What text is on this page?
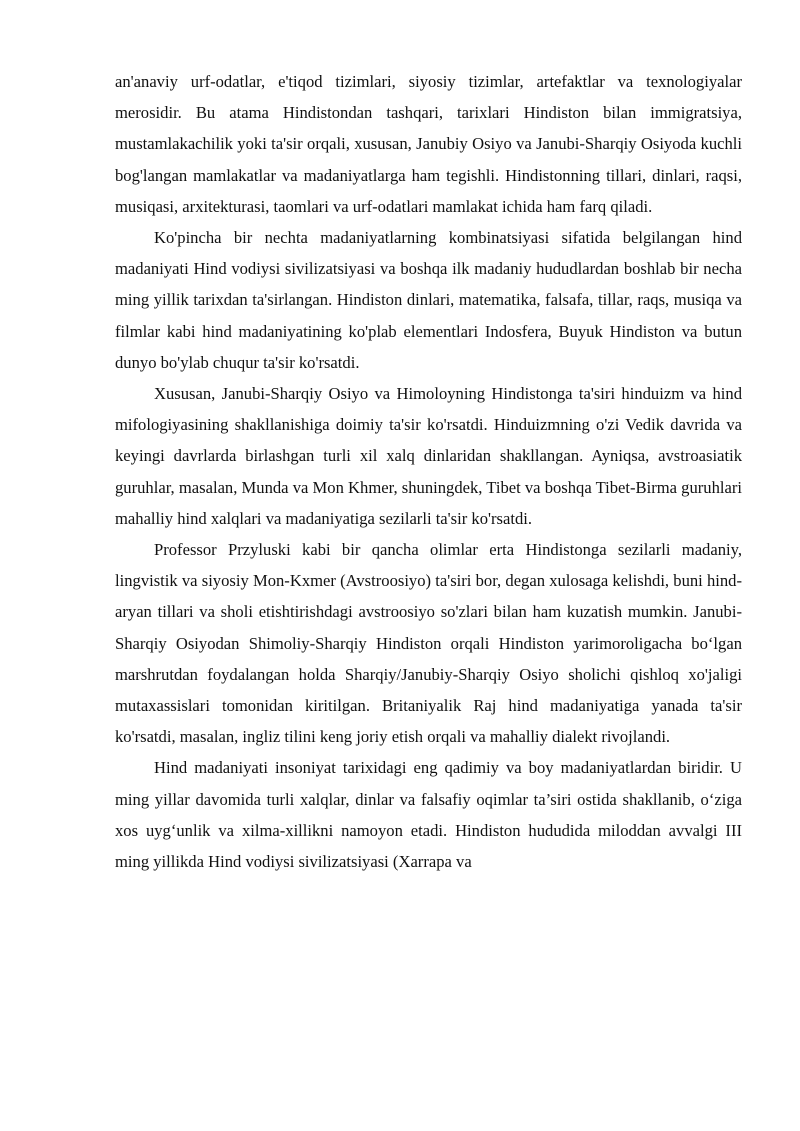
an'anaviy urf-odatlar, e'tiqod tizimlari, siyosiy tizimlar, artefaktlar va texnologiyalar merosidir. Bu atama Hindistondan tashqari, tarixlari Hindiston bilan immigratsiya, mustamlakachilik yoki ta'sir orqali, xususan, Janubiy Osiyo va Janubi-Sharqiy Osiyoda kuchli bog'langan mamlakatlar va madaniyatlarga ham tegishli. Hindistonning tillari, dinlari, raqsi, musiqasi, arxitekturasi, taomlari va urf-odatlari mamlakat ichida ham farq qiladi.

Ko'pincha bir nechta madaniyatlarning kombinatsiyasi sifatida belgilangan hind madaniyati Hind vodiysi sivilizatsiyasi va boshqa ilk madaniy hududlardan boshlab bir necha ming yillik tarixdan ta'sirlangan. Hindiston dinlari, matematika, falsafa, tillar, raqs, musiqa va filmlar kabi hind madaniyatining ko'plab elementlari Indosfera, Buyuk Hindiston va butun dunyo bo'ylab chuqur ta'sir ko'rsatdi.

Xususan, Janubi-Sharqiy Osiyo va Himoloyning Hindistonga ta'siri hinduizm va hind mifologiyasining shakllanishiga doimiy ta'sir ko'rsatdi. Hinduizmning o'zi Vedik davrida va keyingi davrlarda birlashgan turli xil xalq dinlaridan shakllangan. Ayniqsa, avstroasiatik guruhlar, masalan, Munda va Mon Khmer, shuningdek, Tibet va boshqa Tibet-Birma guruhlari mahalliy hind xalqlari va madaniyatiga sezilarli ta'sir ko'rsatdi.

Professor Przyluski kabi bir qancha olimlar erta Hindistonga sezilarli madaniy, lingvistik va siyosiy Mon-Kxmer (Avstroosiyo) ta'siri bor, degan xulosaga kelishdi, buni hind-aryan tillari va sholi etishtirishdagi avstroosiyo so'zlari bilan ham kuzatish mumkin. Janubi-Sharqiy Osiyodan Shimoliy-Sharqiy Hindiston orqali Hindiston yarimoroligacha bo‘lgan marshrutdan foydalangan holda Sharqiy/Janubiy-Sharqiy Osiyo sholichi qishloq xo'jaligi mutaxassislari tomonidan kiritilgan. Britaniyalik Raj hind madaniyatiga yanada ta'sir ko'rsatdi, masalan, ingliz tilini keng joriy etish orqali va mahalliy dialekt rivojlandi.

Hind madaniyati insoniyat tarixidagi eng qadimiy va boy madaniyatlardan biridir. U ming yillar davomida turli xalqlar, dinlar va falsafiy oqimlar ta’siri ostida shakllanib, o‘ziga xos uyg‘unlik va xilma-xillikni namoyon etadi. Hindiston hududida miloddan avvalgi III ming yillikda Hind vodiysi sivilizatsiyasi (Xarrapa va
